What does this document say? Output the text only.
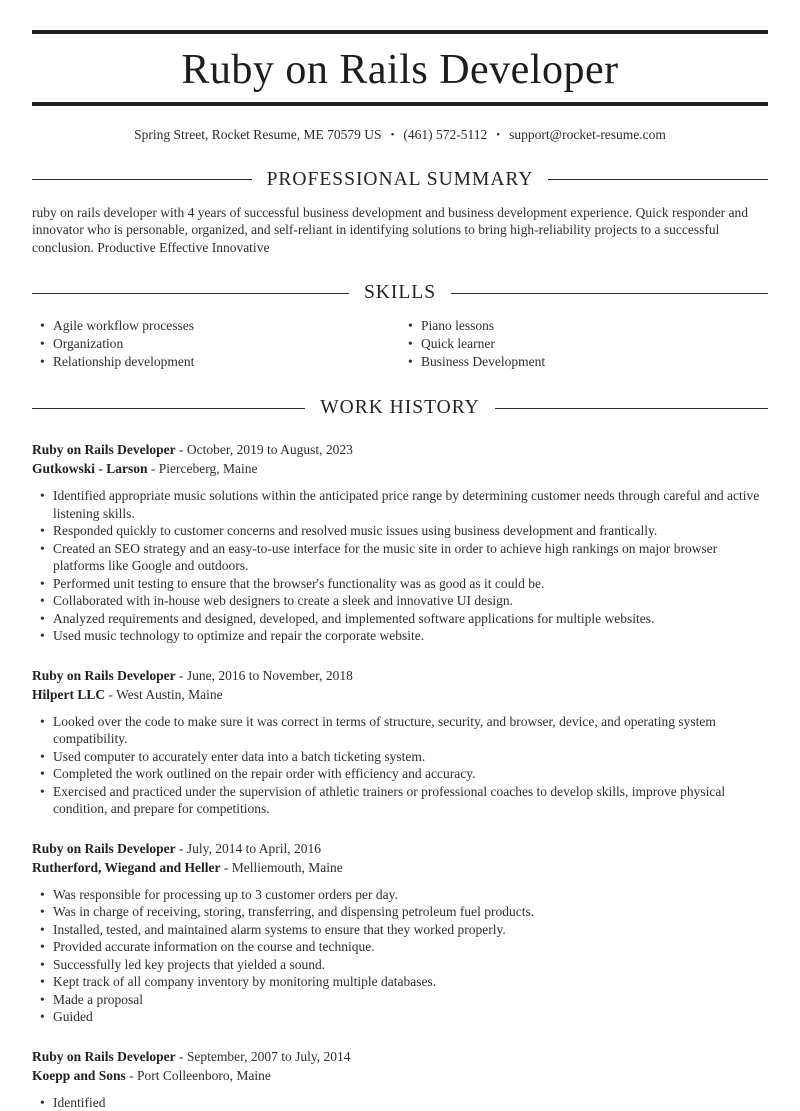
Ruby on Rails Developer
Spring Street, Rocket Resume, ME 70579 US • (461) 572-5112 • support@rocket-resume.com
PROFESSIONAL SUMMARY

ruby on rails developer with 4 years of successful business development and business development experience. Quick responder and innovator who is personable, organized, and self-reliant in identifying solutions to bring high-reliability projects to a successful conclusion. Productive Effective Innovative

SKILLS
• Agile workflow processes
• Organization
• Relationship development
• Piano lessons
• Quick learner
• Business Development
WORK HISTORY
Ruby on Rails Developer - October, 2019 to August, 2023
Gutkowski - Larson - Pierceberg, Maine
• Identified appropriate music solutions within the anticipated price range by determining customer needs through careful and active listening skills.
• Responded quickly to customer concerns and resolved music issues using business development and frantically.
• Created an SEO strategy and an easy-to-use interface for the music site in order to achieve high rankings on major browser platforms like Google and outdoors.
• Performed unit testing to ensure that the browser's functionality was as good as it could be.
• Collaborated with in-house web designers to create a sleek and innovative UI design.
• Analyzed requirements and designed, developed, and implemented software applications for multiple websites.
• Used music technology to optimize and repair the corporate website.
Ruby on Rails Developer - June, 2016 to November, 2018
Hilpert LLC - West Austin, Maine
• Looked over the code to make sure it was correct in terms of structure, security, and browser, device, and operating system compatibility.
• Used computer to accurately enter data into a batch ticketing system.
• Completed the work outlined on the repair order with efficiency and accuracy.
• Exercised and practiced under the supervision of athletic trainers or professional coaches to develop skills, improve physical condition, and prepare for competitions.
Ruby on Rails Developer - July, 2014 to April, 2016
Rutherford, Wiegand and Heller - Melliemouth, Maine
• Was responsible for processing up to 3 customer orders per day.
• Was in charge of receiving, storing, transferring, and dispensing petroleum fuel products.
• Installed, tested, and maintained alarm systems to ensure that they worked properly.
• Provided accurate information on the course and technique.
• Successfully led key projects that yielded a sound.
• Kept track of all company inventory by monitoring multiple databases.
• Made a proposal
• Guided
Ruby on Rails Developer - September, 2007 to July, 2014
Koepp and Sons - Port Colleenboro, Maine
• Identified
